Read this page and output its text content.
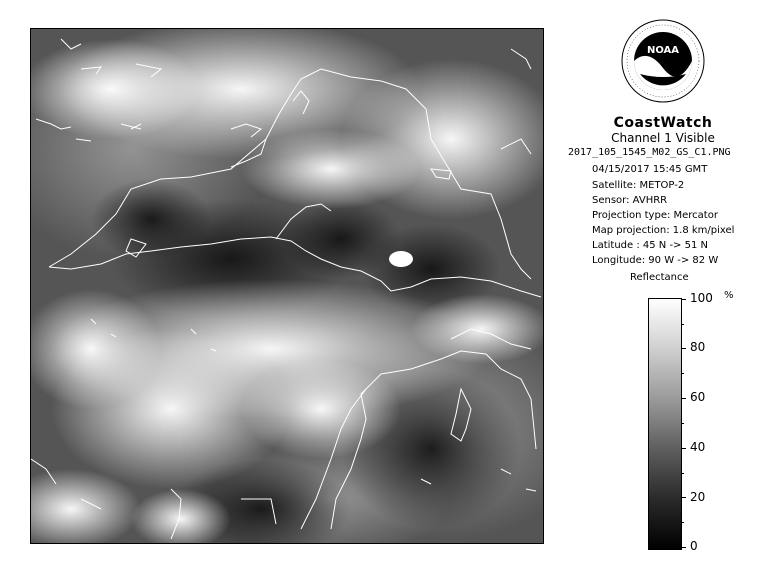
NOAA
CoastWatch
Channel 1 Visible
2017_105_1545_M02_GS_C1.PNG
04/15/2017 15:45 GMT
Satellite: METOP-2
Sensor: AVHRR
Projection type: Mercator
Map projection: 1.8 km/pixel
Latitude : 45 N -> 51 N
Longitude: 90 W -> 82 W
Reflectance
%
100
80
60
40
20
0
